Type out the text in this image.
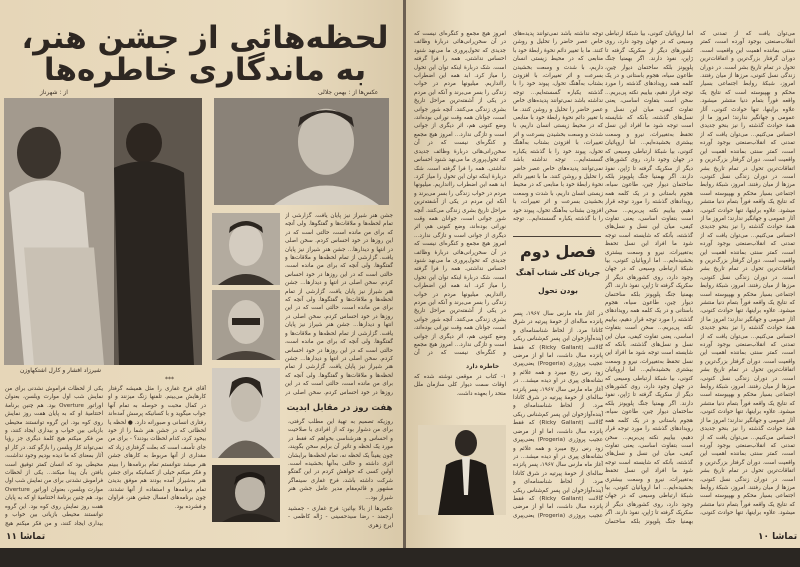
لحظه‌هائی از جشن هنر، به ماندگاری خاطره‌ها
از : شهرناز	عکس‌ها از : بهمن جلالی
شیرزاد افشار و کارل اشتکهاوزن
***
جشن هنر شیراز نیز پایان یافت. گزارشی از تمام لحظه‌ها و ملاقات‌ها و گفتگوها. ولی آنچه که برای من مانده است، حالتی است که در این روزها در خود احساس کردم. سخن اصلی در انتها و دیدارها... جشن هنر شیراز نیز پایان یافت. گزارشی از تمام لحظه‌ها و ملاقات‌ها و گفتگوها. ولی آنچه که برای من مانده است، حالتی است که در این روزها در خود احساس کردم. سخن اصلی در انتها و دیدارها... جشن هنر شیراز نیز پایان یافت. گزارشی از تمام لحظه‌ها و ملاقات‌ها و گفتگوها. ولی آنچه که برای من مانده است، حالتی است که در این روزها در خود احساس کردم. سخن اصلی در انتها و دیدارها... جشن هنر شیراز نیز پایان یافت. گزارشی از تمام لحظه‌ها و ملاقات‌ها و گفتگوها. ولی آنچه که برای من مانده است، حالتی است که در این روزها در خود احساس کردم. سخن اصلی در انتها و دیدارها... جشن هنر شیراز نیز پایان یافت. گزارشی از تمام لحظه‌ها و ملاقات‌ها و گفتگوها. ولی آنچه که برای من مانده است، حالتی است که در این روزها در خود احساس کردم. سخن اصلی در
هفت روز در مقابل ابدیت
روزیکه تصمیم به تهیهٔ این مطلب گرفتی، برای من دشوار بود که از افرادی با صلاحیت و احساس و هنرشناسی بخواهم که فقط در مورد یک لحظه و تاثیر آن برایم سخن بگویند، چون یقیناً یک لحظه نه، تمام لحظه‌ها برایشان اثری داشته و حالتی به‌آنها بخشیده است. اولین کسی که خواهش کردم در این گفتگو شرکت داشته باشد، فرخ غفاری سینماگر مشهور و قائم‌مقام مدیر عامل جشن هنر شیراز بود...
عکس‌ها از بالا بپائین: فرخ غفاری - جمشید ارجمند - رضا سیدحسینی - ژاله کاظمی - ایرج زهری
آقای فرخ غفاری را مثل همیشه گرفتار کارهایش می‌بینم. تلفنها زنگ میزنند و او در کمال محبت و حوصله به تمام آنها جواب میگوید و با کسانیکه پرسش آمده‌اند رفتاری انسانی و صبورانه دارد. ● لحظه یا لحظاتی که در جشن هنر شما را از خود بیخود کرد، کدام لحظات بودند؟ - برای من جای تأسف است که بعلت گرفتاری زیاد که مقداری از آنها مربوط به کارهای جشن هنر میشد نتوانستم تمام برنامه‌ها را ببینم و فکر میکنم خیلی از کسانیکه برای جشن هنر به‌شیراز آمده بودند هم موفق بدیدن تمام برنامه‌ها و استفاده از آنها نشدند، چون برنامه‌های امسال جشن هنر، فراوان و فشرده بود.
یکی از لحظات فراموش نشدنی برای من نمایش شب اول موارت ویلسن، بعنوان اوراتور Overture بود. هم چنین برنامهٔ اختتامیهٔ او که به پایان هفت روز نمایش روی کوه بود. این گروه توانستند محیطی بازیانی بین خواب و بیداری ایجاد کنند، و من فکر میکنم هیچ کلمهٔ دیگری جز رؤیا نمی‌تواند کار ویلسن را بازگو کند. در کار او آثار بمعنای که ما دیده بودیم وجود نداشت، محیطی بود که انسان کمتر توفیق است یافتن بآن پیدا میکند... یکی از لحظات فراموش نشدنی برای من نمایش شب اول موارت ویلسن، بعنوان اوراتور Overture بود. هم چنین برنامهٔ اختتامیهٔ او که به پایان هفت روز نمایش روی کوه بود. این گروه توانستند محیطی بازیانی بین خواب و بیداری ایجاد کنند، و من فکر میکنم هیچ
تماشا ۱۱
امروز هیچ مجمع و کنگره‌ای نیست که در آن سخن‌رانی‌هائی دربارهٔ وظائف جدیدی که تحول‌پروری ما می‌نهد شنود احساس نداشتی. همه را فرا گرفته است. شک دربارهٔ اینکه توان این تحول را میاز کرد. ابد همه این اضطراب راانداریم. میلیونها مردم در خواب زندگی را بسر می‌برند و آنکه این مردم در یکی از آشفته‌ترین مراحل تاریخ بشری زندگی می‌کنند. آنچه شور جوانی است، جوانان همه وقت نورانی بوده‌اند، وضع کنونی هم، اثر دیگری از جوانی است و تازگی ندارد... امروز هیچ مجمع و کنگره‌ای نیست که در آن سخن‌رانی‌هائی دربارهٔ وظائف جدیدی که تحول‌پروری ما می‌نهد شنود احساس نداشتی. همه را فرا گرفته است. شک دربارهٔ اینکه توان این تحول را میاز کرد. ابد همه این اضطراب راانداریم. میلیونها مردم در خواب زندگی را بسر می‌برند و آنکه این مردم در یکی از آشفته‌ترین مراحل تاریخ بشری زندگی می‌کنند. آنچه شور جوانی است، جوانان همه وقت نورانی بوده‌اند، وضع کنونی هم، اثر دیگری از جوانی است و تازگی ندارد... امروز هیچ مجمع و کنگره‌ای نیست که در آن سخن‌رانی‌هائی دربارهٔ وظائف جدیدی که تحول‌پروری ما می‌نهد شنود احساس نداشتی. همه را فرا گرفته است. شک دربارهٔ اینکه توان این تحول را میاز کرد. ابد همه این اضطراب راانداریم. میلیونها مردم در خواب زندگی را بسر می‌برند و آنکه این مردم در یکی از آشفته‌ترین مراحل تاریخ بشری زندگی می‌کنند. آنچه شور جوانی است، جوانان همه وقت نورانی بوده‌اند، وضع کنونی هم، اثر دیگری از جوانی است و تازگی ندارد... امروز هیچ مجمع و کنگره‌ای نیست که در آن
خاطره دارد
۱- کتاب در موقعی نوشته شده که اوقات سمت دیوار کلی سازمان ملل متحد را بعهده داشت.
توجه نداشته باشد نمی‌توانند پدیده‌های خاص عصر حاضر را تحلیل و روشن کنند. ما با تغییر دائم نحوهٔ رابطهٔ خود با منابعی که در محیط زیستی انسان داریم، با شدت و وسعت بخشیدن بسرعت و اثر تغییرات، با افزودن بشتاب به‌آهنگ تحول، پیوند خود را با گذشته یکباره گسسته‌ایم... توجه نداشته باشد نمی‌توانند پدیده‌های خاص عصر حاضر را تحلیل و روشن کنند. ما با تغییر دائم نحوهٔ رابطهٔ خود با منابعی که در محیط زیستی انسان داریم، با شدت و وسعت بخشیدن بسرعت و اثر تغییرات، با افزودن بشتاب به‌آهنگ تحول، پیوند خود را با گذشته یکباره گسسته‌ایم... توجه نداشته باشد نمی‌توانند پدیده‌های خاص عصر حاضر را تحلیل و روشن کنند. ما با تغییر دائم نحوهٔ رابطهٔ خود با منابعی که در محیط زیستی انسان داریم، با شدت و وسعت بخشیدن بسرعت و اثر تغییرات، با افزودن بشتاب به‌آهنگ تحول، پیوند خود را با گذشته یکباره گسسته‌ایم... توجه
فصل دوم
جریان کلی شتاب آهنگ
بودن تحول
در آغاز ماه مارس سال ۱۹۶۷، پسر پانزده ساله‌ای از حومهٔ پیرتیه در شرق کانادا مرد. از لحاظ شناسنامه‌ای و آینده‌آوازخوان این پسر کم‌شناس ریکی گالانت (Ricky Gallant) که فقط پانزده سال داشت، اما او از مرضی عجیب پروژری (Progeria) یعنی‌پیری زود رس رنج میبرد و همه علائم و نشانه‌های پیری در او دیده میشد... در آغاز ماه مارس سال ۱۹۶۷، پسر پانزده ساله‌ای از حومهٔ پیرتیه در شرق کانادا مرد. از لحاظ شناسنامه‌ای و آینده‌آوازخوان این پسر کم‌شناس ریکی گالانت (Ricky Gallant) که فقط پانزده سال داشت، اما او از مرضی عجیب پروژری (Progeria) یعنی‌پیری زود رس رنج میبرد و همه علائم و نشانه‌های پیری در او دیده میشد... در آغاز ماه مارس سال ۱۹۶۷، پسر پانزده ساله‌ای از حومهٔ پیرتیه در شرق کانادا مرد. از لحاظ شناسنامه‌ای و آینده‌آوازخوان این پسر کم‌شناس ریکی گالانت (Ricky Gallant) که فقط پانزده سال داشت، اما او از مرضی عجیب پروژری (Progeria) یعنی‌پیری
اما اروپائیان کنونی، بیا شبکهٔ ارتباطی وسیعی که در جهان وجود دارد، روی کشورهای دیگر از سکرپک گرفته تا ژاپن، نفوذ دارند. اگر بهمنیا جنگ پلوپونز بلکه ساختمان دیوار چین، طاعون سیاه، هجوم باستانی و در یک کلمه همه رویدادهای گذشته را مورد توجه قرار دهیم، بیاییم نکته پی‌بریم... سخن است بتفاوت اساسی، یعنی تفاوت کیفی، میان این نسل و نسل‌های گذشته، بآنکه که شایسته است توجه شود ما افراد این نسل تحفظ به‌تغییرات، نیرو و وسعت بیشتری بخشیده‌ایم... اما اروپائیان کنونی، بیا شبکهٔ ارتباطی وسیعی که در جهان وجود دارد، روی کشورهای دیگر از سکرپک گرفته تا ژاپن، نفوذ دارند. اگر بهمنیا جنگ پلوپونز بلکه ساختمان دیوار چین، طاعون سیاه، هجوم باستانی و در یک کلمه همه رویدادهای گذشته را مورد توجه قرار دهیم، بیاییم نکته پی‌بریم... سخن است بتفاوت اساسی، یعنی تفاوت کیفی، میان این نسل و نسل‌های گذشته، بآنکه که شایسته است توجه شود ما افراد این نسل تحفظ به‌تغییرات، نیرو و وسعت بیشتری بخشیده‌ایم... اما اروپائیان کنونی، بیا شبکهٔ ارتباطی وسیعی که در جهان وجود دارد، روی کشورهای دیگر از سکرپک گرفته تا ژاپن، نفوذ دارند. اگر بهمنیا جنگ پلوپونز بلکه ساختمان دیوار چین، طاعون سیاه، هجوم باستانی و در یک کلمه همه رویدادهای گذشته را مورد توجه قرار دهیم، بیاییم نکته پی‌بریم... سخن است بتفاوت اساسی، یعنی تفاوت کیفی، میان این نسل و نسل‌های گذشته، بآنکه که شایسته است توجه شود ما افراد این نسل تحفظ به‌تغییرات، نیرو و وسعت بیشتری بخشیده‌ایم... اما اروپائیان کنونی، بیا شبکهٔ ارتباطی وسیعی که در جهان وجود دارد، روی کشورهای دیگر از سکرپک گرفته تا ژاپن، نفوذ دارند. اگر بهمنیا جنگ پلوپونز بلکه ساختمان دیوار چین، طاعون سیاه، هجوم باستانی و در یک کلمه همه رویدادهای گذشته را مورد توجه قرار دهیم، بیاییم نکته پی‌بریم... سخن است بتفاوت اساسی، یعنی تفاوت کیفی، میان این نسل و نسل‌های گذشته، بآنکه که شایسته است توجه شود ما افراد این نسل تحفظ به‌تغییرات، نیرو و وسعت بیشتری بخشیده‌ایم... اما اروپائیان کنونی، بیا شبکهٔ ارتباطی وسیعی که در جهان وجود دارد، روی کشورهای دیگر از سکرپک گرفته تا ژاپن، نفوذ دارند. اگر بهمنیا جنگ پلوپونز بلکه ساختمان
می‌توان یافت که از تمدنی که انقلاب‌صنعتی بوجود آورده است، کمتر سنتی بماننده اهمیت این واقعیت است. دوران گرفتار بزرگ‌ترین و اتفاقات‌ترین تحول در تمام تاریخ بشر است. در دوران زندگی نسل کنونی، مرزها از میان رفتند. امروز، شبکهٔ روابط اجتماعی بسیار محکم و بهپیوسته است که نتایج یک واقعه فوراً بتمام دنیا منتشر میشود. علاوه براینها، تنها حوادث کنونی، آثار عمومی و جهانگیر ندارند؛ امروز ما از همهٔ حوادث گذشته را نیز بنحو جدیدی احساس می‌کنیم... می‌توان یافت که از تمدنی که انقلاب‌صنعتی بوجود آورده است، کمتر سنتی بماننده اهمیت این واقعیت است. دوران گرفتار بزرگ‌ترین و اتفاقات‌ترین تحول در تمام تاریخ بشر است. در دوران زندگی نسل کنونی، مرزها از میان رفتند. امروز، شبکهٔ روابط اجتماعی بسیار محکم و بهپیوسته است که نتایج یک واقعه فوراً بتمام دنیا منتشر میشود. علاوه براینها، تنها حوادث کنونی، آثار عمومی و جهانگیر ندارند؛ امروز ما از همهٔ حوادث گذشته را نیز بنحو جدیدی احساس می‌کنیم... می‌توان یافت که از تمدنی که انقلاب‌صنعتی بوجود آورده است، کمتر سنتی بماننده اهمیت این واقعیت است. دوران گرفتار بزرگ‌ترین و اتفاقات‌ترین تحول در تمام تاریخ بشر است. در دوران زندگی نسل کنونی، مرزها از میان رفتند. امروز، شبکهٔ روابط اجتماعی بسیار محکم و بهپیوسته است که نتایج یک واقعه فوراً بتمام دنیا منتشر میشود. علاوه براینها، تنها حوادث کنونی، آثار عمومی و جهانگیر ندارند؛ امروز ما از همهٔ حوادث گذشته را نیز بنحو جدیدی احساس می‌کنیم... می‌توان یافت که از تمدنی که انقلاب‌صنعتی بوجود آورده است، کمتر سنتی بماننده اهمیت این واقعیت است. دوران گرفتار بزرگ‌ترین و اتفاقات‌ترین تحول در تمام تاریخ بشر است. در دوران زندگی نسل کنونی، مرزها از میان رفتند. امروز، شبکهٔ روابط اجتماعی بسیار محکم و بهپیوسته است که نتایج یک واقعه فوراً بتمام دنیا منتشر میشود. علاوه براینها، تنها حوادث کنونی، آثار عمومی و جهانگیر ندارند؛ امروز ما از همهٔ حوادث گذشته را نیز بنحو جدیدی احساس می‌کنیم... می‌توان یافت که از تمدنی که انقلاب‌صنعتی بوجود آورده است، کمتر سنتی بماننده اهمیت این واقعیت است. دوران گرفتار بزرگ‌ترین و اتفاقات‌ترین تحول در تمام تاریخ بشر است. در دوران زندگی نسل کنونی، مرزها از میان رفتند. امروز، شبکهٔ روابط اجتماعی بسیار محکم و بهپیوسته است که نتایج یک واقعه فوراً بتمام دنیا منتشر میشود. علاوه براینها، تنها حوادث کنونی،
تماشا ۱۰
